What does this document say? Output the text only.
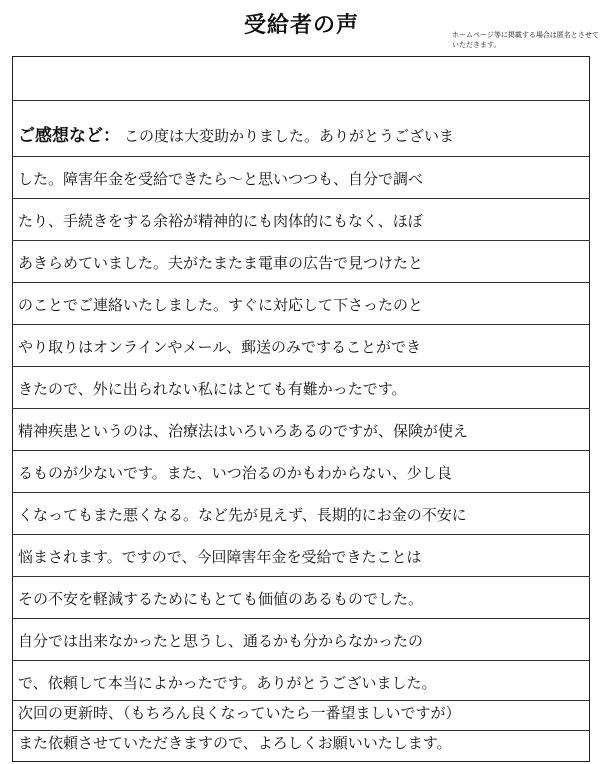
受給者の声	ホームページ等に掲載する場合は匿名とさせていただきます。
ご感想など： この度は大変助かりました。ありがとうございま
した。障害年金を受給できたら～と思いつつも、自分で調べ
たり、手続きをする余裕が精神的にも肉体的にもなく、ほぼ
あきらめていました。夫がたまたま電車の広告で見つけたと
のことでご連絡いたしました。すぐに対応して下さったのと
やり取りはオンラインやメール、郵送のみですることができ
きたので、外に出られない私にはとても有難かったです。
精神疾患というのは、治療法はいろいろあるのですが、保険が使え
るものが少ないです。また、いつ治るのかもわからない、少し良
くなってもまた悪くなる。など先が見えず、長期的にお金の不安に
悩まされます。ですので、今回障害年金を受給できたことは
その不安を軽減するためにもとても価値のあるものでした。
自分では出来なかったと思うし、通るかも分からなかったの
で、依頼して本当によかったです。ありがとうございました。
次回の更新時、（もちろん良くなっていたら一番望ましいですが）
また依頼させていただきますので、よろしくお願いいたします。
